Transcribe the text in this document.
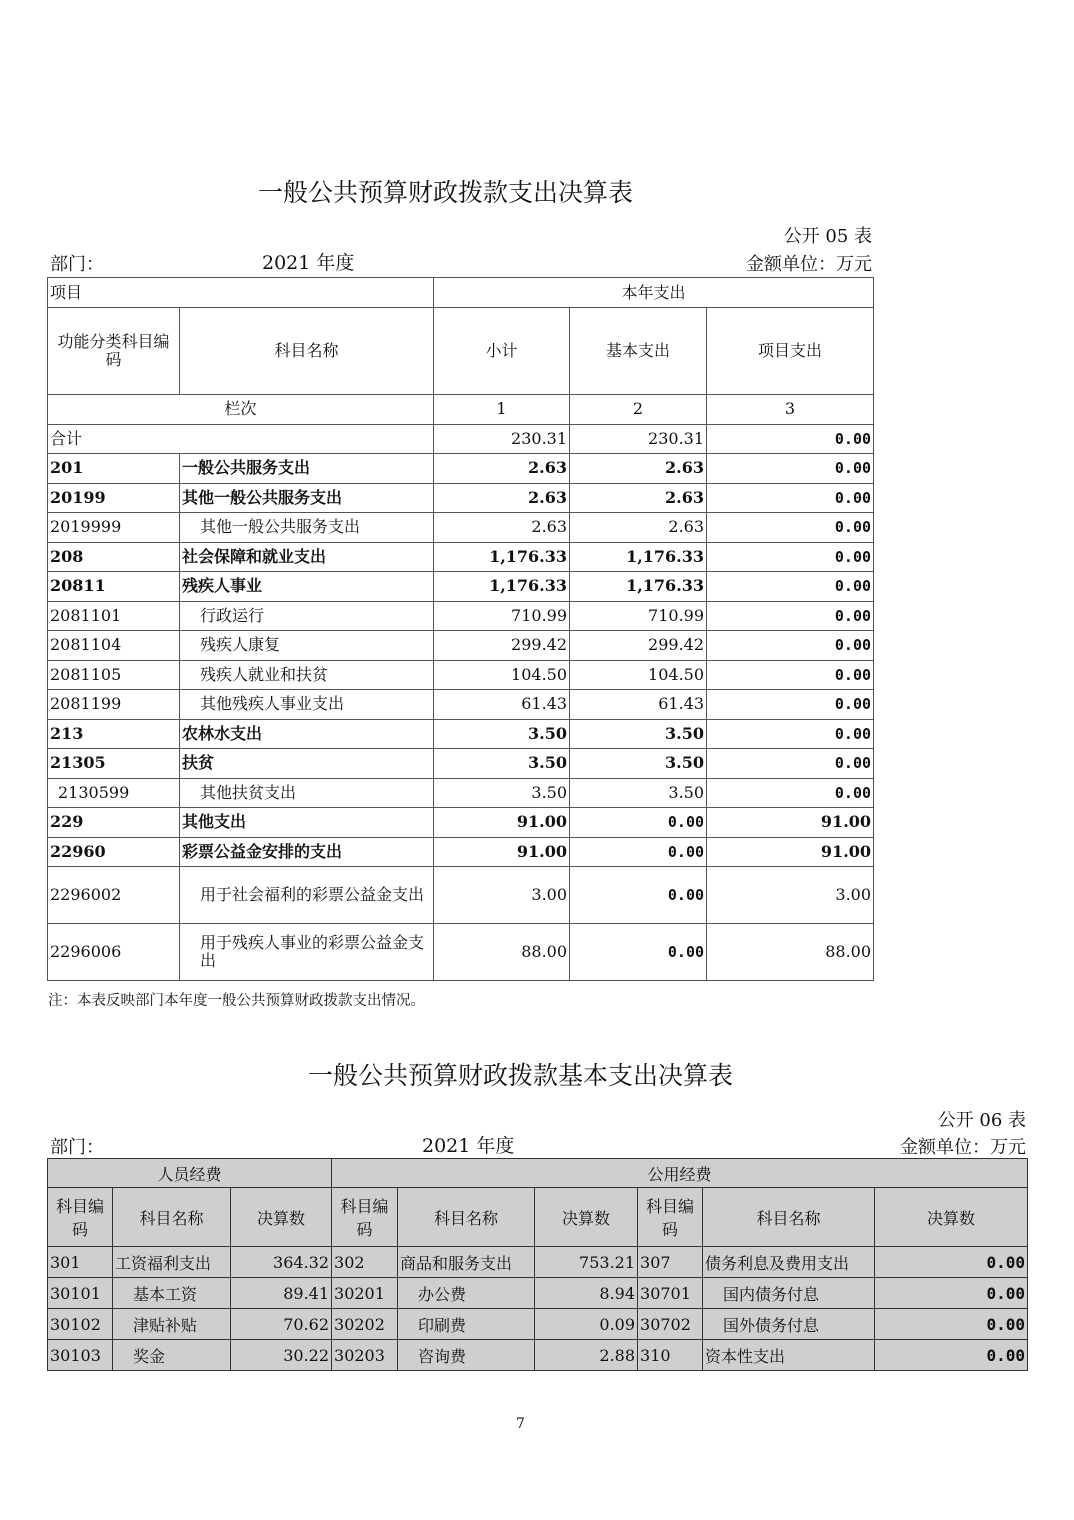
一般公共预算财政拨款支出决算表
公开 05 表
部门：	2021 年度	金额单位：万元
项目		本年支出		
功能分类科目编码	科目名称	小计	基本支出	项目支出
栏次		1	2	3
合计		230.31	230.31	0.00
201	一般公共服务支出	2.63	2.63	0.00
20199	其他一般公共服务支出	2.63	2.63	0.00
2019999	其他一般公共服务支出	2.63	2.63	0.00
208	社会保障和就业支出	1,176.33	1,176.33	0.00
20811	残疾人事业	1,176.33	1,176.33	0.00
2081101	行政运行	710.99	710.99	0.00
2081104	残疾人康复	299.42	299.42	0.00
2081105	残疾人就业和扶贫	104.50	104.50	0.00
2081199	其他残疾人事业支出	61.43	61.43	0.00
213	农林水支出	3.50	3.50	0.00
21305	扶贫	3.50	3.50	0.00
2130599	其他扶贫支出	3.50	3.50	0.00
229	其他支出	91.00	0.00	91.00
22960	彩票公益金安排的支出	91.00	0.00	91.00
2296002	用于社会福利的彩票公益金支出	3.00	0.00	3.00
2296006	用于残疾人事业的彩票公益金支出	88.00	0.00	88.00
注：本表反映部门本年度一般公共预算财政拨款支出情况。
一般公共预算财政拨款基本支出决算表
公开 06 表
部门：	2021 年度	金额单位：万元
人员经费			公用经费					
科目编码	科目名称	决算数	科目编码	科目名称	决算数	科目编码	科目名称	决算数
301	工资福利支出	364.32	302	商品和服务支出	753.21	307	债务利息及费用支出	0.00
30101	基本工资	89.41	30201	办公费	8.94	30701	国内债务付息	0.00
30102	津贴补贴	70.62	30202	印刷费	0.09	30702	国外债务付息	0.00
30103	奖金	30.22	30203	咨询费	2.88	310	资本性支出	0.00
7
